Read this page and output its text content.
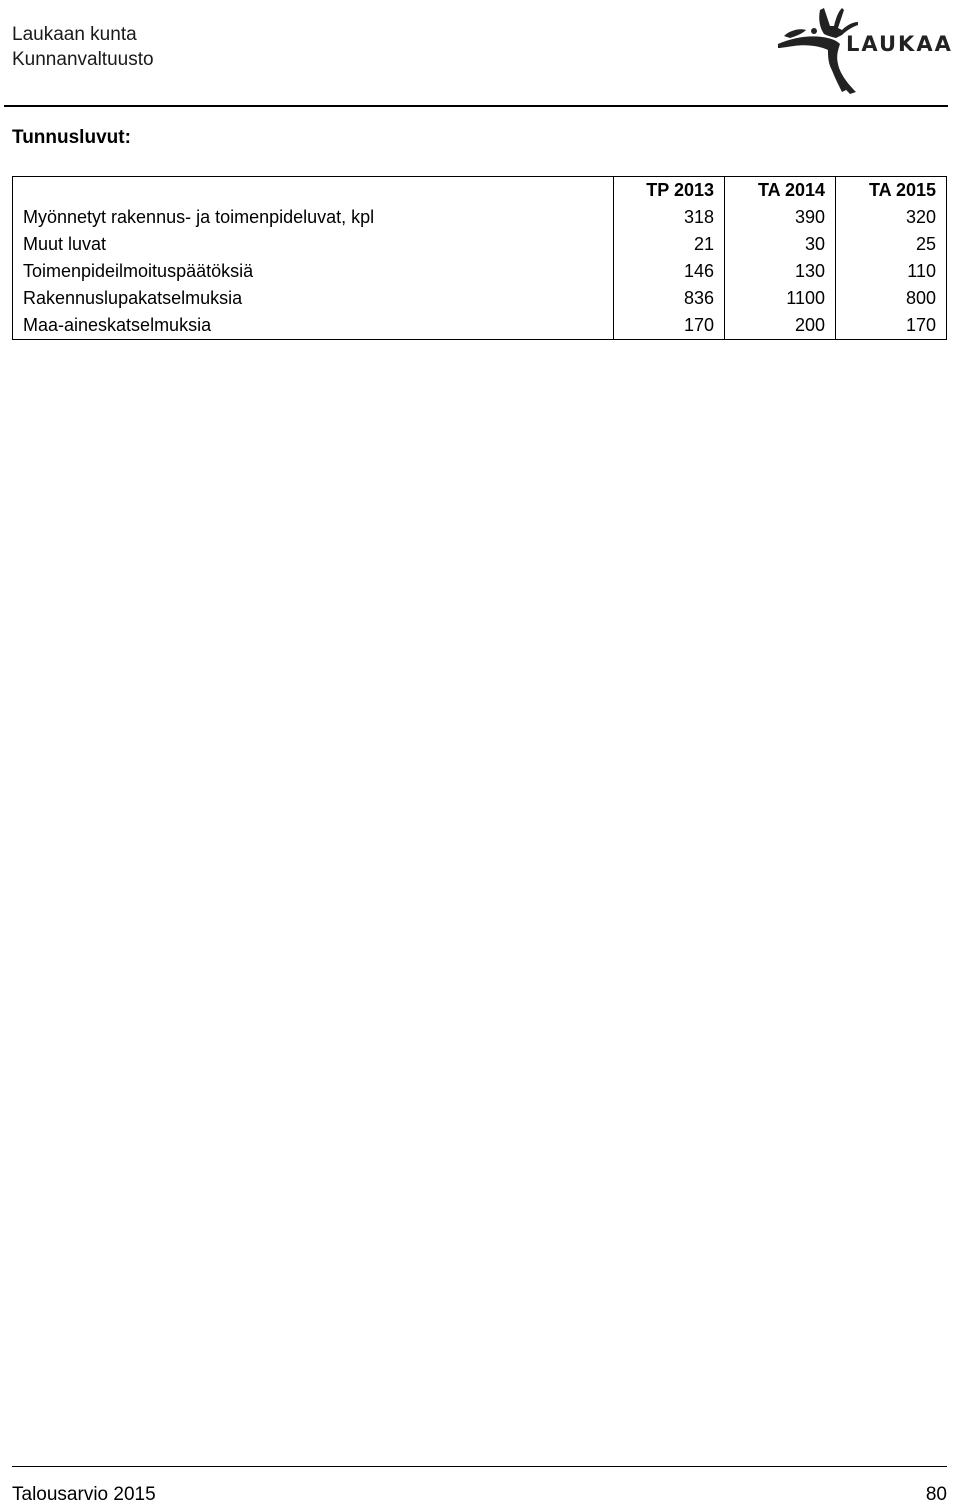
Laukaan kunta
Kunnanvaltuusto
LAUKAA
Tunnusluvut:
	TP 2013	TA 2014	TA 2015
Myönnetyt rakennus- ja toimenpideluvat, kpl	318	390	320
Muut luvat	21	30	25
Toimenpideilmoituspäätöksiä	146	130	110
Rakennuslupakatselmuksia	836	1100	800
Maa-aineskatselmuksia	170	200	170
Talousarvio 2015	80
